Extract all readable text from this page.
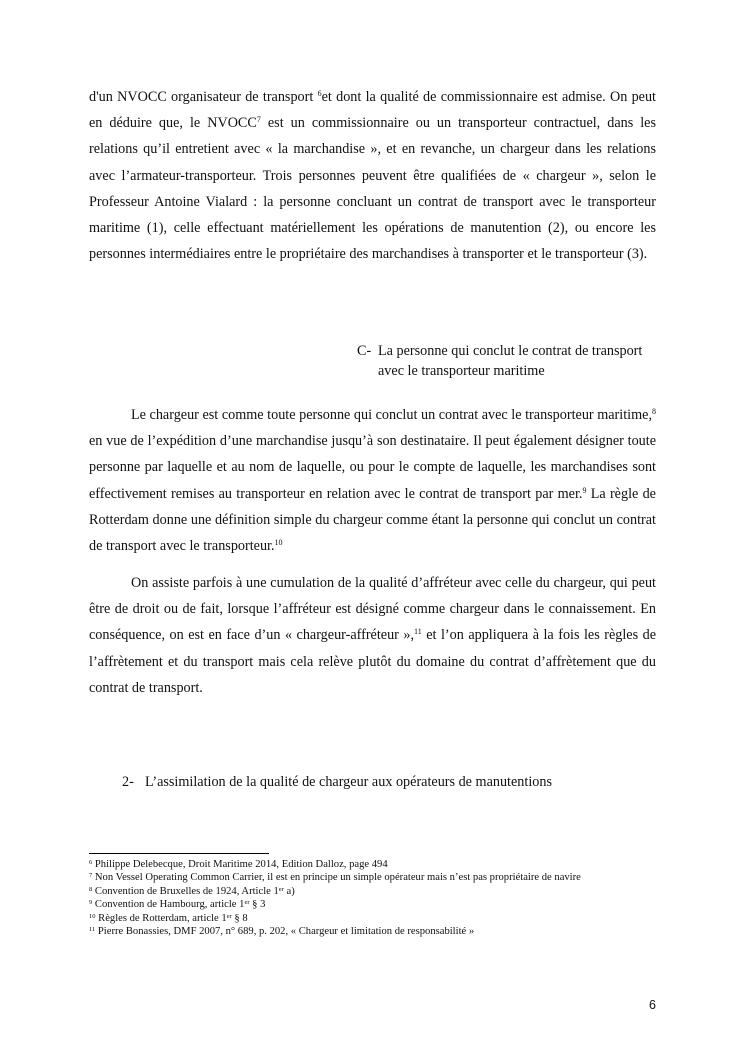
d'un NVOCC organisateur de transport $^6$et dont la qualité de commissionnaire est admise. On peut en déduire que, le NVOCC$^7$ est un commissionnaire ou un transporteur contractuel, dans les relations qu’il entretient avec « la marchandise », et en revanche, un chargeur dans les relations avec l’armateur-transporteur. Trois personnes peuvent être qualifiées de « chargeur », selon le Professeur Antoine Vialard : la personne concluant un contrat de transport avec le transporteur maritime (1), celle effectuant matériellement les opérations de manutention (2), ou encore les personnes intermédiaires entre le propriétaire des marchandises à transporter et le transporteur (3).
C- La personne qui conclut le contrat de transport avec le transporteur maritime
Le chargeur est comme toute personne qui conclut un contrat avec le transporteur maritime,$^8$ en vue de l’expédition d’une marchandise jusqu’à son destinataire. Il peut également désigner toute personne par laquelle et au nom de laquelle, ou pour le compte de laquelle, les marchandises sont effectivement remises au transporteur en relation avec le contrat de transport par mer.$^9$ La règle de Rotterdam donne une définition simple du chargeur comme étant la personne qui conclut un contrat de transport avec le transporteur.$^{10}$
On assiste parfois à une cumulation de la qualité d’affréteur avec celle du chargeur, qui peut être de droit ou de fait, lorsque l’affréteur est désigné comme chargeur dans le connaissement. En conséquence, on est en face d’un « chargeur-affréteur »,$^{11}$ et l’on appliquera à la fois les règles de l’affrètement et du transport mais cela relève plutôt du domaine du contrat d’affrètement que du contrat de transport.
2- L’assimilation de la qualité de chargeur aux opérateurs de manutentions
$^6$ Philippe Delebecque, Droit Maritime 2014, Edition Dalloz, page 494
$^7$ Non Vessel Operating Common Carrier, il est en principe un simple opérateur mais n’est pas propriétaire de navire
$^8$ Convention de Bruxelles de 1924, Article 1er a)
$^9$ Convention de Hambourg, article 1er § 3
$^{10}$ Règles de Rotterdam, article 1er § 8
$^{11}$ Pierre Bonassies, DMF 2007, n° 689, p. 202, « Chargeur et limitation de responsabilité »
6
